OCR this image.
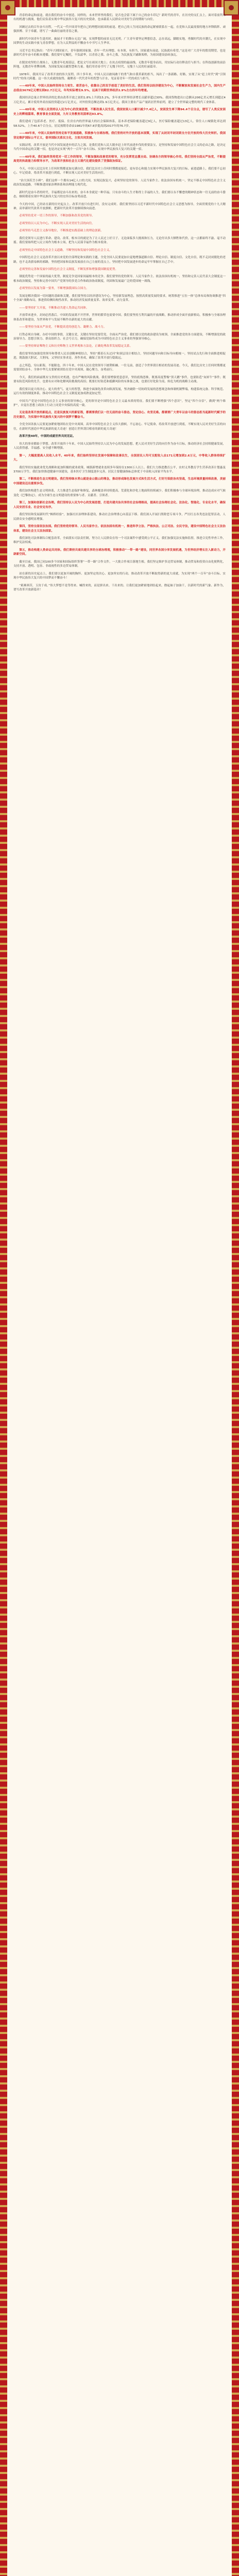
青春的命运和前途，就在我们的奋斗中创造。同样的，未来世界里的我们，是否也会留下属于自己的奋斗印记？新时代的青年，在历史的交汇点上，面对着前所未有的机遇与挑战。他们肩负着实现中华民族伟大复兴的历史使命，也承载着人民群众对美好生活的期盼与向往。

回顾过去的百年奋斗历程，一代又一代中国青年把自己的理想同祖国的前途、把自己的人生同民族的命运紧密联系在一起，在党和人民最需要的地方冲锋陷阵、顽强拼搏、甘于奉献，谱写了一曲曲壮丽的青春之歌。

新时代中国青年生逢其时，施展才干的舞台无比广阔，实现梦想的前景无比光明。广大青年要坚定理想信念，志存高远，脚踏实地，勇做时代的弄潮儿，在实现中国梦的生动实践中放飞青春梦想，在为人民利益的不懈奋斗中书写人生华章。

习近平总书记指出：“青年兴则国家兴，青年强则国家强。青年一代有理想、有本领、有担当，国家就有前途，民族就有希望。”这是对广大青年的殷切期望，也是新时代青年奋斗的根本遵循。我们要牢记嘱托，不负韶华，以青春之我、奋斗之我，为民族复兴铺路架桥，为祖国建设添砖加瓦。

在脱贫攻坚的主战场上，无数青年扎根基层，把论文写在祖国大地上；在抗击疫情的最前线，无数青年挺身而出，用实际行动诠释责任与担当；在科技创新的前沿阵地，无数青年勇攀高峰，为国家发展贡献智慧和力量。他们用青春书写了无愧于时代、无愧于人民的壮丽篇章。

1978年，我国开启了改革开放的伟大征程。四十多年来，中国人民以敢闯敢干的勇气和自我革新的担当，闯出了一条新路、好路，实现了从“赶上时代”到“引领时代”的伟大跨越。这一伟大成就的取得，凝聚着一代代青年的智慧与汗水，见证着青年一代的成长与担当。

——40年来，中国人民始终坚持自力更生、艰苦奋斗，依靠自己的双手创造了美好的生活。我们坚持以经济建设为中心，不断解放和发展社会生产力，国内生产总值由3679亿元增长到82.7万亿元，年均实际增长9.5%，远高于同期世界经济2.9%左右的年均增速。

我国经济总量占世界经济的比重由改革开放之初的1.8%上升到15.2%，多年来对世界经济增长贡献率超过30%。我国货物进出口总额从206亿美元增长到超过4万亿美元，累计使用外商直接投资超过2万亿美元，对外投资总额达到1.9万亿美元。我国主要农产品产量跃居世界前列，建立了全世界最完整的现代工业体系。

——40年来，中国人民坚持以人民为中心的发展思想，不断改善人民生活。我国贫困人口累计减少7.4亿人，贫困发生率下降94.4个百分点，谱写了人类反贫困史上的辉煌篇章。教育事业全面发展，九年义务教育巩固率达93.8%。

我们建成了包括养老、医疗、低保、住房在内的世界最大的社会保障体系，基本养老保险覆盖超过9亿人，医疗保险覆盖超过13亿人。常住人口城镇化率达到58.52%，上升40.6个百分点。居民预期寿命由1981年的67.8岁提高到2017年的76.7岁。

——40年来，中国人民始终坚持走和平发展道路，积极参与全球治理。我们坚持对外开放的基本国策，实现了从封闭半封闭到全方位开放的伟大历史转折。我国坚定维护国际公平正义，倡导国际关系民主化，主张共同发展。

实践证明，改革开放是当代中国发展进步的活力之源，是我们党和人民大踏步赶上时代前进步伐的重要法宝，是坚持和发展中国特色社会主义的必由之路，是决定当代中国命运的关键一招，也是决定实现“两个一百年”奋斗目标、实现中华民族伟大复兴的关键一招。

——40年来，我们始终坚持党对一切工作的领导，不断加强和改善党的领导，充分发挥党总揽全局、协调各方的领导核心作用。我们坚持全面从严治党，不断提高党的执政能力和领导水平，为改革开放和社会主义现代化建设提供了坚强政治保证。

今天，中国人民比历史上任何时期都更加充满自信，我们比历史上任何时期都更接近、更有信心和能力实现中华民族伟大复兴的目标。前进道路上，我们要不忘初心、牢记使命，将改革开放进行到底，不断实现人民对美好生活的向往。

“治大国若烹小鲜”。我们这样一个拥有14亿人口的大国，实现民族复兴，必须坚持党的领导、人民当家作主、依法治国有机统一，坚定不移走中国特色社会主义政治发展道路，不断推进国家治理体系和治理能力现代化。

新时代是奋斗者的时代。幸福都是奋斗出来的，奋斗本身就是一种幸福。只有奋斗的人生才称得上幸福的人生。我们要以永不懈怠的精神状态和一往无前的奋斗姿态，继续朝着实现中华民族伟大复兴的宏伟目标奋勇前进。

今天的中国，已经站在新的历史起点上。改革开放只有进行时，没有完成时。我们要坚持以习近平新时代中国特色社会主义思想为指导，全面贯彻党的十九大精神，高举新时代改革开放旗帜，把新时代改革开放继续推向前进。

必须坚持党对一切工作的领导，不断加强和改善党的领导。

必须坚持以人民为中心，不断实现人民对美好生活的向往。

必须坚持马克思主义指导地位，不断推进实践基础上的理论创新。

我们党领导人民进行革命、建设、改革，根本目的就是为了让人民过上好日子。无论面临多大挑战和压力，无论付出多大牺牲和代价，这一点都始终不渝、毫不动摇。我们要始终把人民立场作为根本立场，把为人民谋幸福作为根本使命。

必须坚持走中国特色社会主义道路，不断坚持和发展中国特色社会主义。

中国特色社会主义是改革开放以来党的全部理论和实践的主题，全党全国人民要更加自觉地增强道路自信、理论自信、制度自信、文化自信，既不走封闭僵化的老路，也不走改旗易帜的邪路，坚持把国家和民族发展放在自己力量的基点上，坚持把中国发展进步的命运牢牢掌握在自己手中。

必须坚持完善和发展中国特色社会主义制度，不断发挥和增强我国制度优势。

制度优势是一个国家的最大优势，制度竞争是国家间最根本的竞争。我们要坚持党的领导、人民当家作主、依法治国有机统一，坚持和完善人民代表大会制度这一根本政治制度，坚持和完善中国共产党领导的多党合作和政治协商制度，巩固和发展最广泛的爱国统一战线。

必须坚持以发展为第一要务，不断增强我国综合国力。

发展是解决我国一切问题的基础和关键。我们要坚持以经济建设为中心，坚持新发展理念，按照高质量发展的要求，统筹推进“五位一体”总体布局和协调推进“四个全面”战略布局，推进供给侧结构性改革，推动经济发展质量变革、效率变革、动力变革。

——要坚持扩大开放，不断推动共建人类命运共同体。

开放带来进步，封闭必然落后。中国的发展离不开世界，世界的繁荣也需要中国。我们要坚持互利共赢的开放战略，推动形成全面开放新格局，积极参与全球治理体系改革和建设，为世界和平与发展不断作出新的更大的贡献。

——要坚持全面从严治党，不断提高党的创造力、凝聚力、战斗力。

打铁必须自身硬。办好中国的事情，关键在党，关键在坚持党要管党、全面从严治党。我们要以党的政治建设为统领，全面推进党的各方面建设，不断增强党的政治领导力、思想引领力、群众组织力、社会号召力，确保党始终成为中国特色社会主义事业的坚强领导核心。

——要坚持辩证唯物主义和历史唯物主义世界观和方法论，正确处理改革发展稳定关系。

我们要坚持加强党的领导和尊重人民首创精神相结合，坚持“摸着石头过河”和顶层设计相结合，坚持问题导向和目标导向相统一，坚持试点先行和全面推进相促进，既鼓励大胆试、大胆闯，又坚持实事求是、善作善成，确保了改革开放行稳致远。

志之所趋，穷山距海，不能限也。四十年来，中国人民在党的领导下披荆斩棘、一往无前，创造了令世界刮目相看的发展奇迹。今天，我们比历史上任何时期都更需要团结奋斗。全体中华儿女要紧密团结在党中央周围，凝心聚力，奋勇前行。

今天，我们的面前既有宝贵的历史机遇，也有严峻的风险挑战。我们要增强忧患意识，坚持底线思维，既要高度警惕“黑天鹅”事件，也要防范“灰犀牛”事件；既要有防范风险的先手，也要有应对和化解风险挑战的高招；既要打好防范和抵御风险的有准备之战，也要打好化险为夷、转危为机的战略主动战。

我们要以更大的决心、更大的勇气、更大的智慧，推进全面深化改革向纵深发展，坚决破除一切妨碍发展的思想观念和体制机制弊端，构建系统完备、科学规范、运行有效的制度体系，推动中国特色社会主义制度更加成熟更加定型。

中国共产党是中国特色社会主义事业的领导核心，党的领导是中国特色社会主义最本质的特征。我们要不断增强“四个意识”，坚定“四个自信”，做到“两个维护”，自觉在思想上政治上行动上同党中央保持高度一致。

无论是改革开放的新起点，还是民族复兴的新征程，都需要我们以一往无前的奋斗姿态，坚定信心、攻坚克难。都需要广大青年以奋斗的姿态担当起新时代赋予的历史重任，为实现中华民族伟大复兴的中国梦不懈奋斗。

全党全国各族人民要更加紧密地团结在党中央周围，高举中国特色社会主义伟大旗帜，不忘初心、牢记使命，将改革开放进行到底，不断实现人民对美好生活的向往，在新时代创造中华民族新的更大奇迹！创造让世界刮目相看的新的更大奇迹！

改革开放40年，中国的成就世界共同见证。

伟大的事业都始于梦想。改革开放四十年来，中国人民始终坚持以人民为中心的发展思想，把人民对美好生活的向往作为奋斗目标，推动经济社会持续健康发展，人民获得感、幸福感、安全感不断增强。

第一，大幅度提高人民收入水平。40年来，我们始终坚持在发展中保障和改善民生，全国居民人均可支配收入由171元增加到2.6万元，中等收入群体持续扩大。

我们坚持实施就业优先战略和更加积极的就业政策，城镇新增就业连续多年保持在1300万人以上。我们大力推进教育公平，农村义务教育学生营养改善计划惠及3700万学生。我们加快推进健康中国建设，基本医疗卫生制度逐步完善，居民主要健康指标总体优于中高收入国家平均水平。

第二，不断推进生态文明建设。我们坚持绿水青山就是金山银山的理念，推动形成绿色发展方式和生活方式，打好污染防治攻坚战，生态环境质量持续改善，美丽中国建设迈出重要步伐。

我们加快构建生态文明体系，大力推进生态保护和修复，森林覆盖率持续提高，荒漠化和沙化土地面积持续减少。我们积极参与全球环境治理，推动达成应对气候变化《巴黎协定》，成为全球生态文明建设的重要参与者、贡献者、引领者。

第三，加强和创新社会治理。我们坚持以人民为中心的发展思想，打造共建共治共享的社会治理格局，提高社会治理社会化、法治化、智能化、专业化水平，确保人民安居乐业、社会安定有序。

我们坚持和发展新时代“枫桥经验”，加强社区治理体系建设，推动社会治理重心向基层下移。我们深入开展扫黑除恶专项斗争，严厉打击各类违法犯罪活动，人民群众安全感明显增强。

第四，坚持全面依法治国。我们坚持党的领导、人民当家作主、依法治国有机统一，推进科学立法、严格执法、公正司法、全民守法，建设中国特色社会主义法治体系，建设社会主义法治国家。

我们深化司法体制综合配套改革，全面落实司法责任制，努力让人民群众在每一个司法案件中感受到公平正义。我们加强宪法实施和监督，推进合宪性审查工作，维护宪法权威。

第五，推动构建人类命运共同体。我们秉持共商共建共享的全球治理观，积极推动“一带一路”建设，同世界各国分享发展机遇，为世界经济增长注入新动力，开辟新空间。

截至目前，我国已同100多个国家和国际组织签署“一带一路”合作文件，一大批合作项目落地生根。我们坚定维护多边贸易体制，推动贸易和投资自由化便利化，支持开放、透明、包容、非歧视性的多边贸易体制。

站在新的历史起点上，我们要以更加开阔的胸怀、更加坚定的决心、更加务实的行动，推动改革开放不断取得新的更大成就，为实现“两个一百年”奋斗目标、实现中华民族伟大复兴的中国梦而不懈奋斗！

“艰难困苦，玉汝于成。”伟大梦想不是等得来、喊得来的，而是拼出来、干出来的。让我们更加紧密地团结起来，撸起袖子加油干，以新时代的新气象、新作为，谱写改革开放新篇章！
